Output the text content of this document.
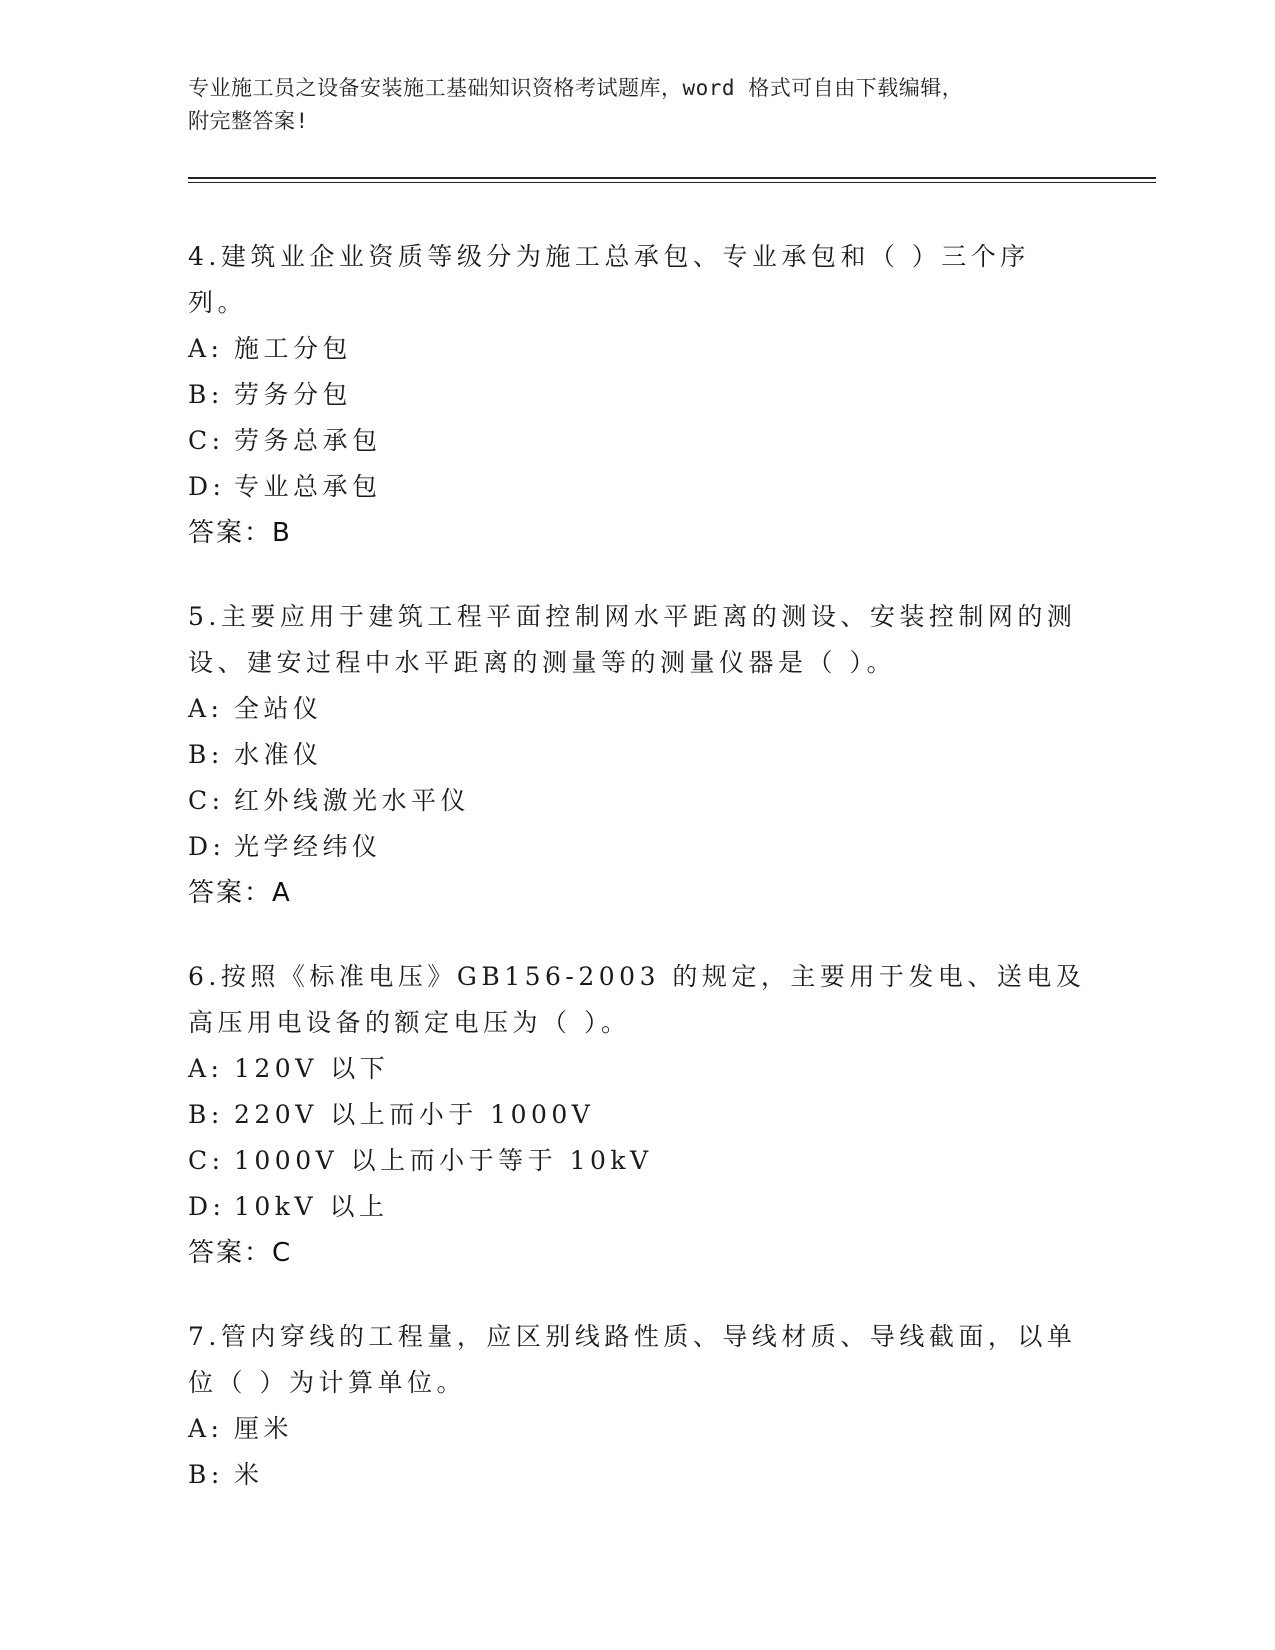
专业施工员之设备安装施工基础知识资格考试题库，word 格式可自由下载编辑，
附完整答案!

4.建筑业企业资质等级分为施工总承包、专业承包和（ ）三个序列。

A: 施工分包

B: 劳务分包

C: 劳务总承包

D: 专业总承包

答案：B

5.主要应用于建筑工程平面控制网水平距离的测设、安装控制网的测设、建安过程中水平距离的测量等的测量仪器是（ ）。

A: 全站仪

B: 水准仪

C: 红外线激光水平仪

D: 光学经纬仪

答案：A

6.按照《标准电压》GB156-2003 的规定，主要用于发电、送电及高压用电设备的额定电压为（ ）。

A: 120V 以下

B: 220V 以上而小于 1000V

C: 1000V 以上而小于等于 10kV

D: 10kV 以上

答案：C

7.管内穿线的工程量，应区别线路性质、导线材质、导线截面，以单位（ ）为计算单位。

A: 厘米

B: 米
